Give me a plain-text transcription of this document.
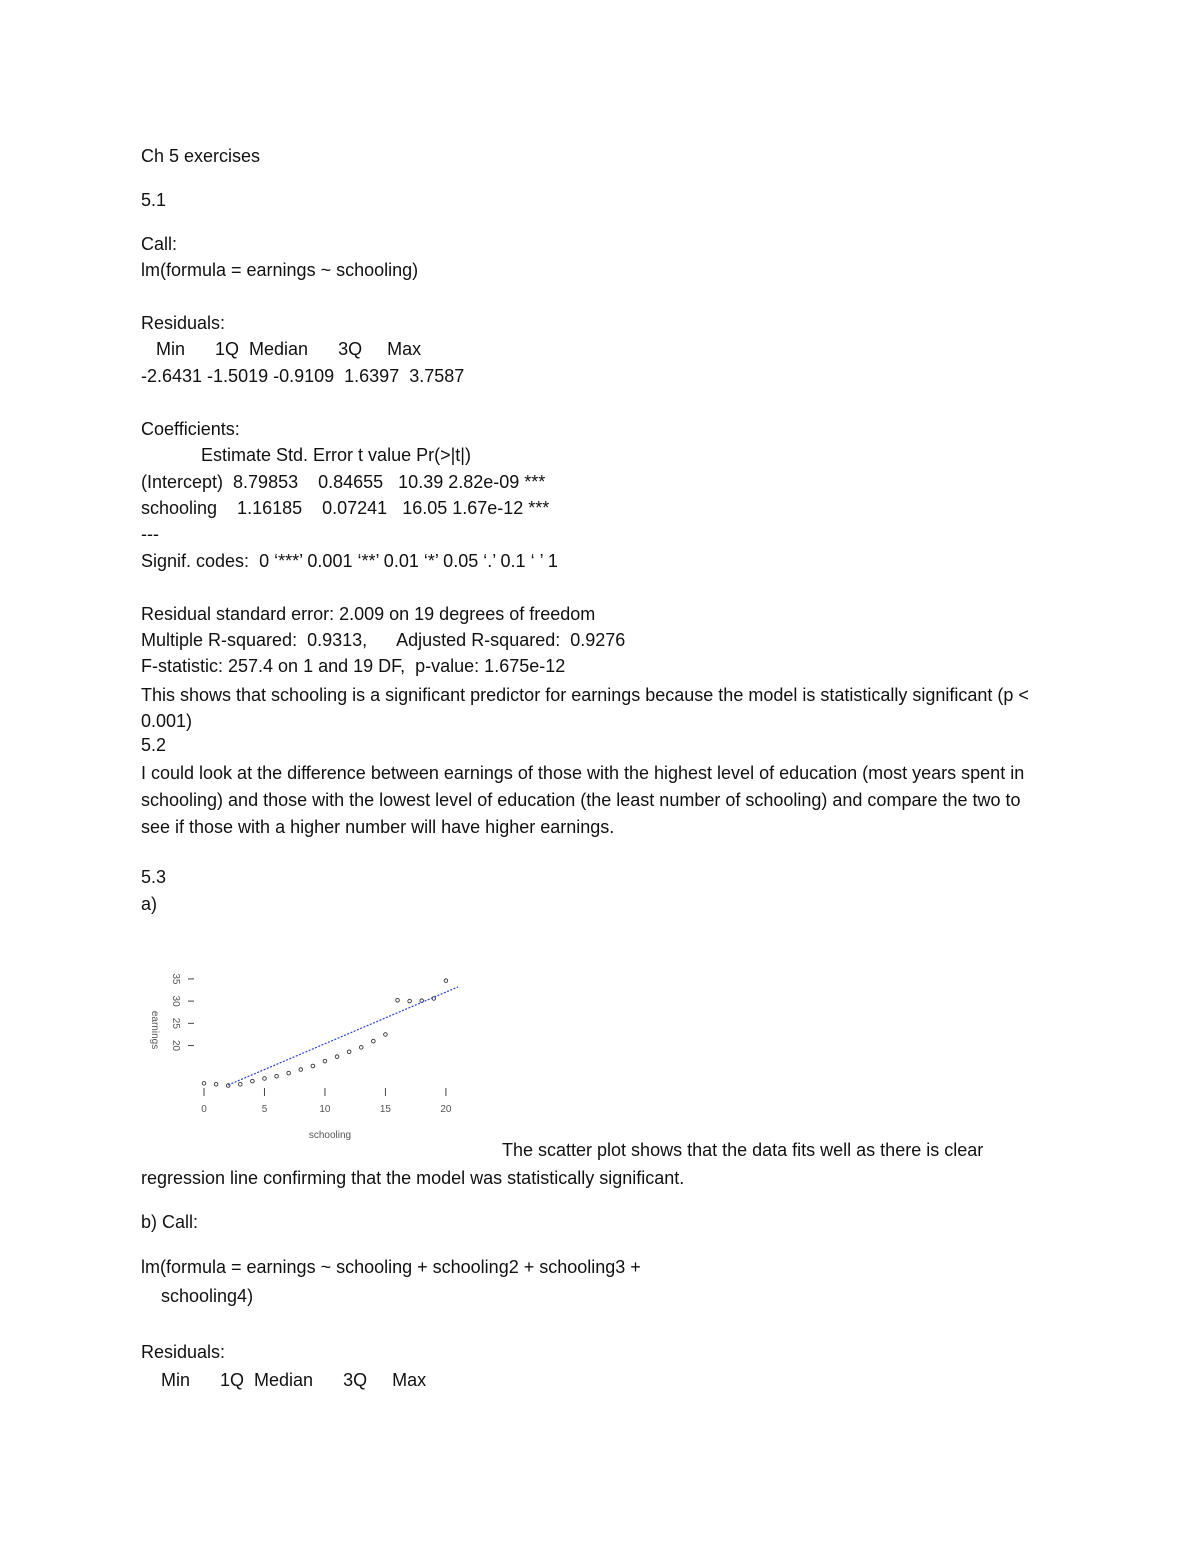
Ch 5 exercises
5.1
Call:
lm(formula = earnings ~ schooling)
Residuals:
Min      1Q  Median      3Q     Max
-2.6431 -1.5019 -0.9109  1.6397  3.7587
Coefficients:
Estimate Std. Error t value Pr(>|t|)
(Intercept)  8.79853    0.84655   10.39 2.82e-09 ***
schooling    1.16185    0.07241   16.05 1.67e-12 ***
---
Signif. codes:  0 ‘***’ 0.001 ‘**’ 0.01 ‘*’ 0.05 ‘.’ 0.1 ‘ ’ 1
Residual standard error: 2.009 on 19 degrees of freedom
Multiple R-squared:  0.9313,      Adjusted R-squared:  0.9276
F-statistic: 257.4 on 1 and 19 DF,  p-value: 1.675e-12
This shows that schooling is a significant predictor for earnings because the model is statistically significant (p < 0.001)
5.2
I could look at the difference between earnings of those with the highest level of education (most years spent in schooling) and those with the lowest level of education (the least number of schooling) and compare the two to see if those with a higher number will have higher earnings.
5.3
a)
20
25
30
35
0	5	10	15	20
earnings
schooling
The scatter plot shows that the data fits well as there is clear
regression line confirming that the model was statistically significant.
b) Call:
lm(formula = earnings ~ schooling + schooling2 + schooling3 +
schooling4)
Residuals:
Min      1Q  Median      3Q     Max
